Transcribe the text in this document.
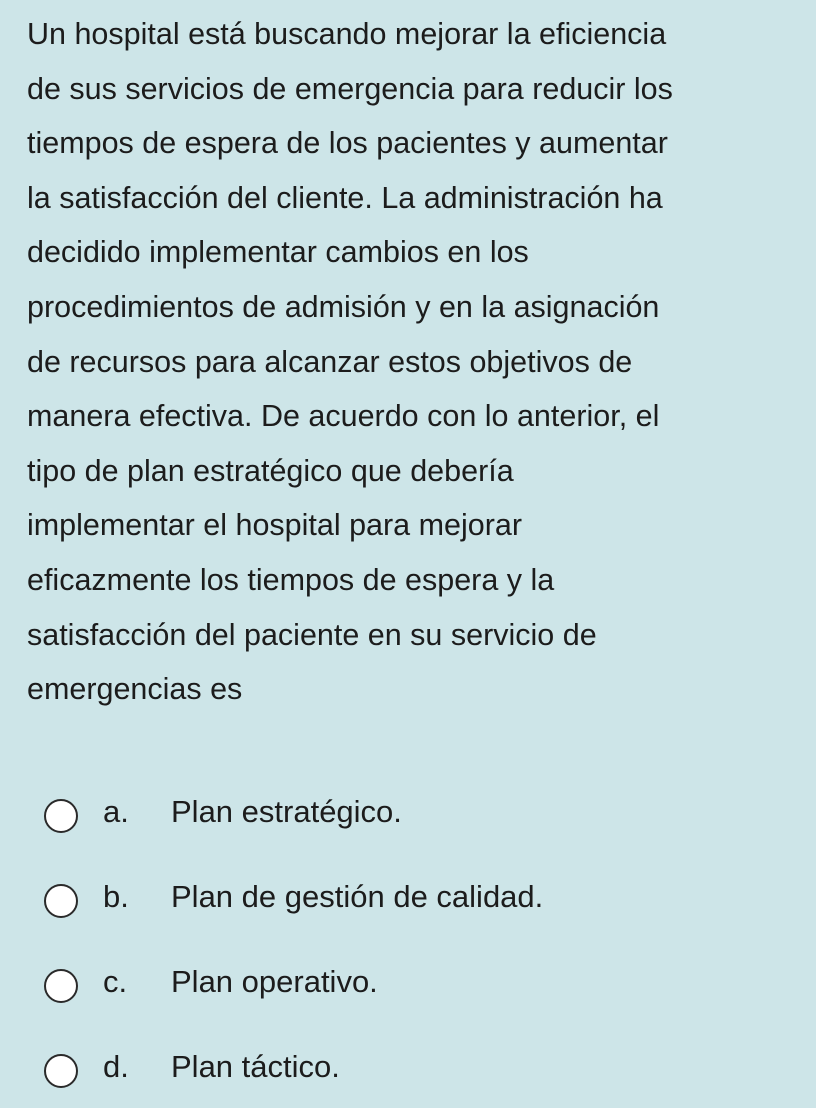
Un hospital está buscando mejorar la eficiencia
de sus servicios de emergencia para reducir los
tiempos de espera de los pacientes y aumentar
la satisfacción del cliente. La administración ha
decidido implementar cambios en los
procedimientos de admisión y en la asignación
de recursos para alcanzar estos objetivos de
manera efectiva. De acuerdo con lo anterior, el
tipo de plan estratégico que debería
implementar el hospital para mejorar
eficazmente los tiempos de espera y la
satisfacción del paciente en su servicio de
emergencias es
a. Plan estratégico.
b. Plan de gestión de calidad.
c. Plan operativo.
d. Plan táctico.
